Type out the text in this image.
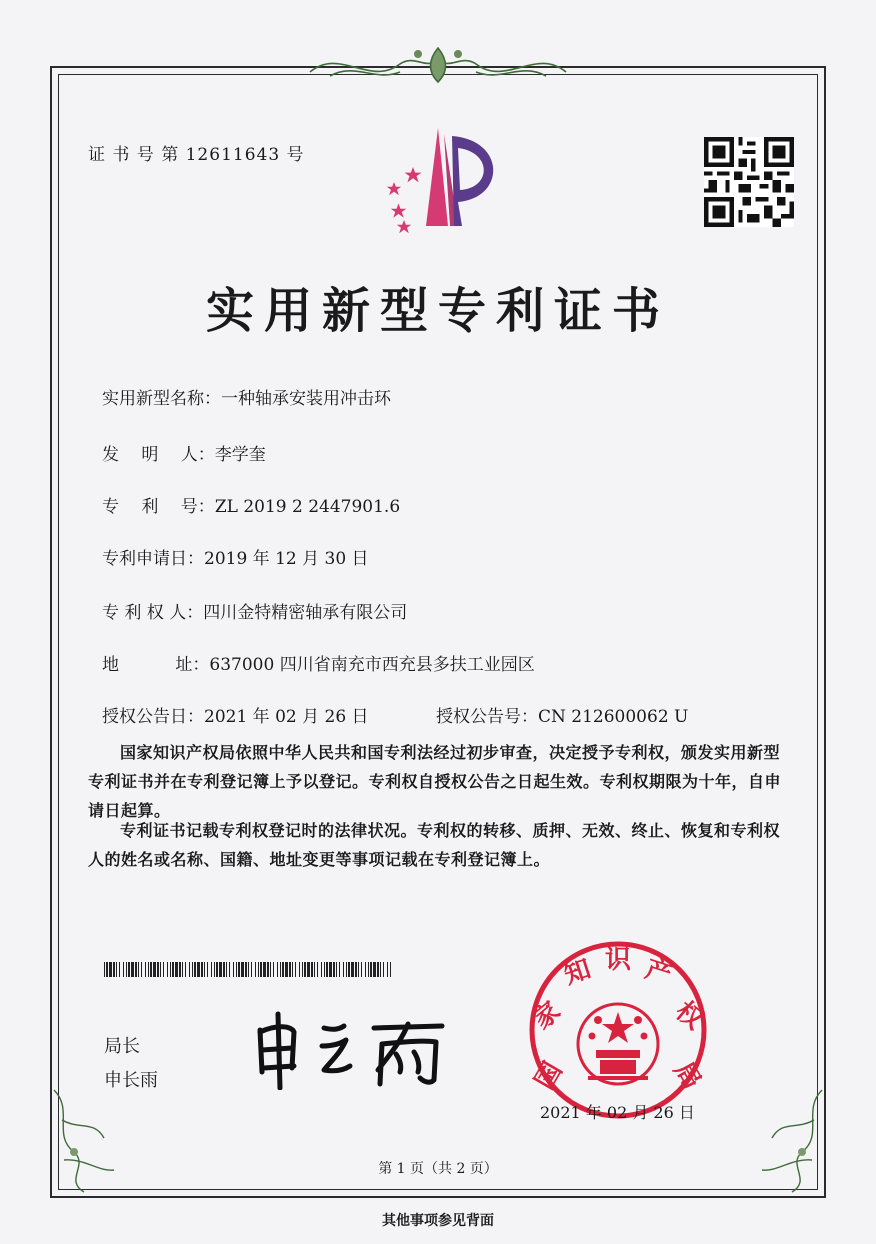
证 书 号 第 12611643 号
实用新型专利证书
实用新型名称：一种轴承安装用冲击环
发　 明　 人：李学奎
专　 利　 号：ZL 2019 2 2447901.6
专利申请日：2019 年 12 月 30 日
专 利 权 人：四川金特精密轴承有限公司
地　　　 址：637000 四川省南充市西充县多扶工业园区
授权公告日：2021 年 02 月 26 日	授权公告号：CN 212600062 U
国家知识产权局依照中华人民共和国专利法经过初步审查，决定授予专利权，颁发实用新型专利证书并在专利登记簿上予以登记。专利权自授权公告之日起生效。专利权期限为十年，自申请日起算。
专利证书记载专利权登记时的法律状况。专利权的转移、质押、无效、终止、恢复和专利权人的姓名或名称、国籍、地址变更等事项记载在专利登记簿上。
局长
申长雨	国
家
知 识 产
权
局
2021 年 02 月 26 日
第 1 页（共 2 页）
其他事项参见背面
